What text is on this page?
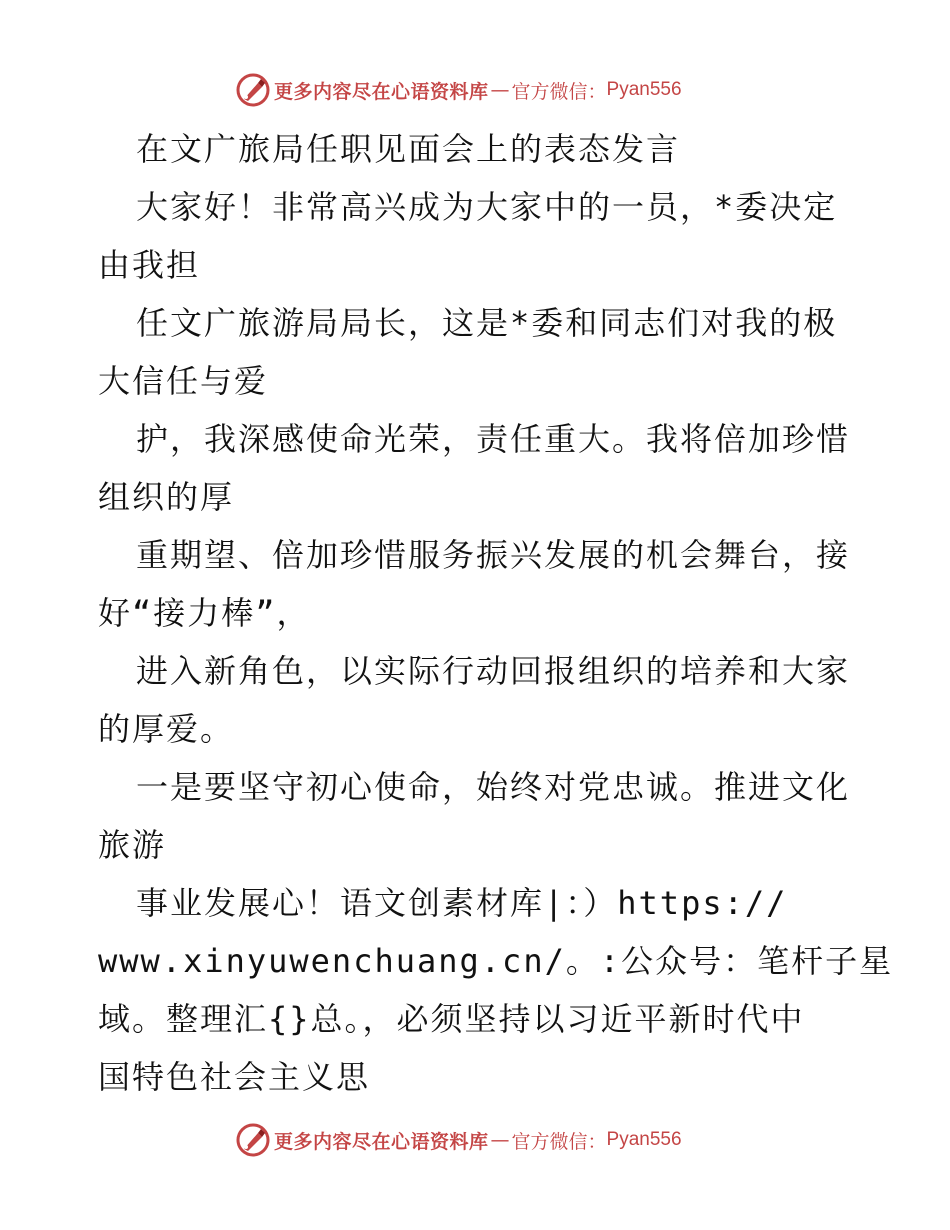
更多内容尽在心语资料库 — 官方微信： Pyan556
在文广旅局任职见面会上的表态发言
大家好！非常高兴成为大家中的一员，*委决定
由我担
任文广旅游局局长，这是*委和同志们对我的极
大信任与爱
护，我深感使命光荣，责任重大。我将倍加珍惜
组织的厚
重期望、倍加珍惜服务振兴发展的机会舞台，接
好“接力棒”，
进入新角色，以实际行动回报组织的培养和大家
的厚爱。
一是要坚守初心使命，始终对党忠诚。推进文化
旅游
事业发展心！语文创素材库|：）https://
www.xinyuwenchuang.cn/。:公众号：笔杆子星
域。整理汇{}总。，必须坚持以习近平新时代中
国特色社会主义思
更多内容尽在心语资料库 — 官方微信： Pyan556
